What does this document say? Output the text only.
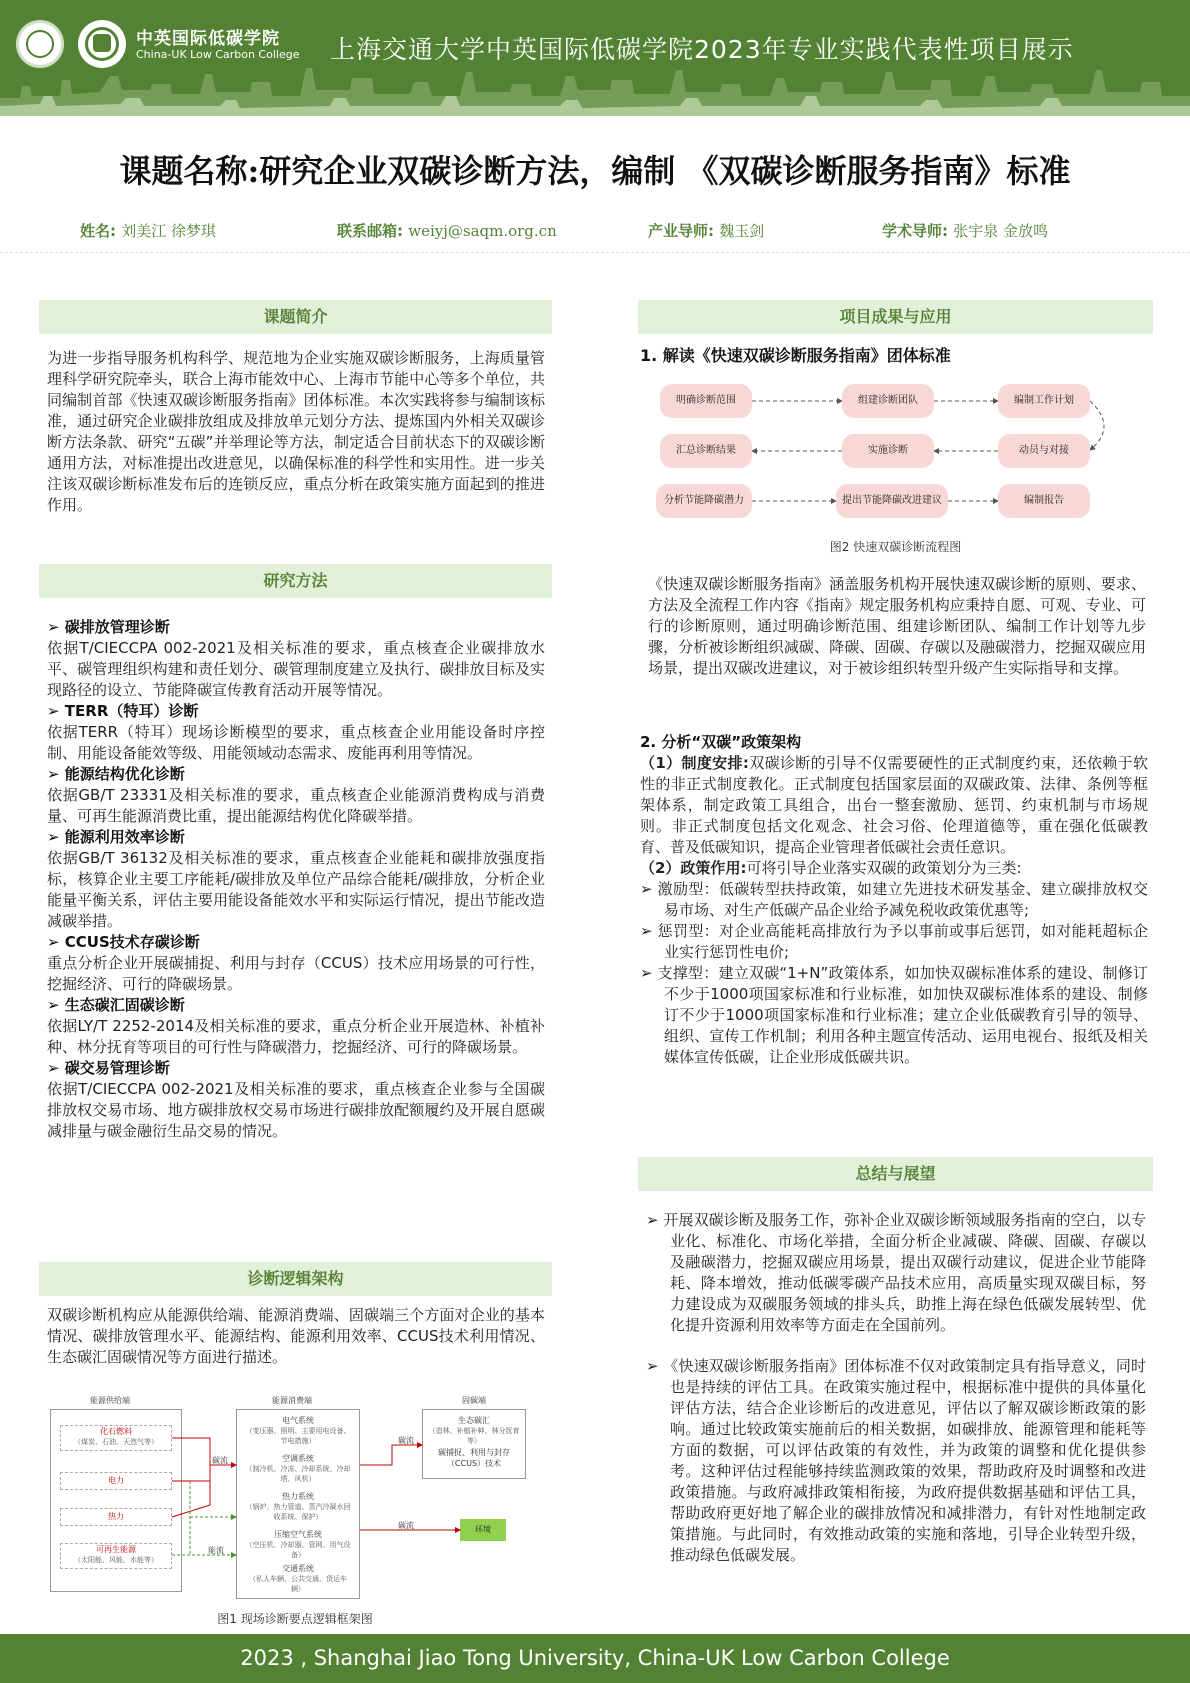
中英国际低碳学院
China-UK Low Carbon College 上海交通大学中英国际低碳学院2023年专业实践代表性项目展示
课题名称:研究企业双碳诊断方法，编制 《双碳诊断服务指南》标准
姓名: 刘美江 徐梦琪	联系邮箱: weiyj@saqm.org.cn	产业导师: 魏玉剑	学术导师: 张宇泉 金放鸣
课题简介
为进一步指导服务机构科学、规范地为企业实施双碳诊断服务，上海质量管理科学研究院牵头，联合上海市能效中心、上海市节能中心等多个单位，共同编制首部《快速双碳诊断服务指南》团体标准。本次实践将参与编制该标准，通过研究企业碳排放组成及排放单元划分方法、提炼国内外相关双碳诊断方法条款、研究“五碳”并举理论等方法，制定适合目前状态下的双碳诊断通用方法，对标准提出改进意见，以确保标准的科学性和实用性。进一步关注该双碳诊断标准发布后的连锁反应，重点分析在政策实施方面起到的推进作用。
研究方法
➢ 碳排放管理诊断
依据T/CIECCPA 002-2021及相关标准的要求，重点核查企业碳排放水平、碳管理组织构建和责任划分、碳管理制度建立及执行、碳排放目标及实现路径的设立、节能降碳宣传教育活动开展等情况。
➢ TERR（特耳）诊断
依据TERR（特耳）现场诊断模型的要求，重点核查企业用能设备时序控制、用能设备能效等级、用能领域动态需求、废能再利用等情况。
➢ 能源结构优化诊断
依据GB/T 23331及相关标准的要求，重点核查企业能源消费构成与消费量、可再生能源消费比重，提出能源结构优化降碳举措。
➢ 能源利用效率诊断
依据GB/T 36132及相关标准的要求，重点核查企业能耗和碳排放强度指标，核算企业主要工序能耗/碳排放及单位产品综合能耗/碳排放，分析企业能量平衡关系，评估主要用能设备能效水平和实际运行情况，提出节能改造减碳举措。
➢ CCUS技术存碳诊断
重点分析企业开展碳捕捉、利用与封存（CCUS）技术应用场景的可行性，挖掘经济、可行的降碳场景。
➢ 生态碳汇固碳诊断
依据LY/T 2252-2014及相关标准的要求，重点分析企业开展造林、补植补种、林分抚育等项目的可行性与降碳潜力，挖掘经济、可行的降碳场景。
➢ 碳交易管理诊断
依据T/CIECCPA 002-2021及相关标准的要求，重点核查企业参与全国碳排放权交易市场、地方碳排放权交易市场进行碳排放配额履约及开展自愿碳减排量与碳金融衍生品交易的情况。
诊断逻辑架构
双碳诊断机构应从能源供给端、能源消费端、固碳端三个方面对企业的基本情况、碳排放管理水平、能源结构、能源利用效率、CCUS技术利用情况、生态碳汇固碳情况等方面进行描述。
能源供给端	能源消费端	固碳端
化石燃料
（煤炭、石油、天然气等）
电力
热力
可再生能源
（太阳能、风能、水能等）
电气系统
（变压器、照明、主要用电设备、节电措施）
空调系统
（制冷机、冷冻、冷却系统、冷却塔、风机）
热力系统
（锅炉、热力管道、蒸汽冷凝水回收系统、保护）
压缩空气系统
（空压机、冷却器、管网、用气设备）
交通系统
（私人车辆、公共交通、货运车辆）
生态碳汇
（造林、补植补种、林分抚育等）
碳捕捉、利用与封存（CCUS）技术
环境
碳流
碳流
能流
碳流
图1 现场诊断要点逻辑框架图
项目成果与应用
1. 解读《快速双碳诊断服务指南》团体标准
明确诊断范围	组建诊断团队	编制工作计划
动员与对接
实施诊断
汇总诊断结果
分析节能降碳潜力	提出节能降碳改进建议	编制报告
图2 快速双碳诊断流程图
《快速双碳诊断服务指南》涵盖服务机构开展快速双碳诊断的原则、要求、方法及全流程工作内容《指南》规定服务机构应秉持自愿、可观、专业、可行的诊断原则，通过明确诊断范围、组建诊断团队、编制工作计划等九步骤，分析被诊断组织减碳、降碳、固碳、存碳以及融碳潜力，挖掘双碳应用场景，提出双碳改进建议，对于被诊组织转型升级产生实际指导和支撑。
2. 分析“双碳”政策架构
（1）制度安排:双碳诊断的引导不仅需要硬性的正式制度约束，还依赖于软性的非正式制度教化。正式制度包括国家层面的双碳政策、法律、条例等框架体系，制定政策工具组合，出台一整套激励、惩罚、约束机制与市场规则。非正式制度包括文化观念、社会习俗、伦理道德等，重在强化低碳教育、普及低碳知识，提高企业管理者低碳社会责任意识。
（2）政策作用:可将引导企业落实双碳的政策划分为三类:
➢ 激励型：低碳转型扶持政策，如建立先进技术研发基金、建立碳排放权交易市场、对生产低碳产品企业给予减免税收政策优惠等;
➢ 惩罚型：对企业高能耗高排放行为予以事前或事后惩罚，如对能耗超标企业实行惩罚性电价;
➢ 支撑型：建立双碳“1+N”政策体系，如加快双碳标准体系的建设、制修订不少于1000项国家标准和行业标准，如加快双碳标准体系的建设、制修订不少于1000项国家标准和行业标准；建立企业低碳教育引导的领导、组织、宣传工作机制；利用各种主题宣传活动、运用电视台、报纸及相关媒体宣传低碳，让企业形成低碳共识。
总结与展望
➢ 开展双碳诊断及服务工作，弥补企业双碳诊断领域服务指南的空白，以专业化、标准化、市场化举措，全面分析企业减碳、降碳、固碳、存碳以及融碳潜力，挖掘双碳应用场景，提出双碳行动建议，促进企业节能降耗、降本增效，推动低碳零碳产品技术应用，高质量实现双碳目标，努力建设成为双碳服务领域的排头兵，助推上海在绿色低碳发展转型、优化提升资源利用效率等方面走在全国前列。
➢ 《快速双碳诊断服务指南》团体标准不仅对政策制定具有指导意义，同时也是持续的评估工具。在政策实施过程中，根据标准中提供的具体量化评估方法，结合企业诊断后的改进意见，评估以了解双碳诊断政策的影响。通过比较政策实施前后的相关数据，如碳排放、能源管理和能耗等方面的数据，可以评估政策的有效性，并为政策的调整和优化提供参考。这种评估过程能够持续监测政策的效果，帮助政府及时调整和改进政策措施。与政府减排政策相衔接，为政府提供数据基础和评估工具，帮助政府更好地了解企业的碳排放情况和减排潜力，有针对性地制定政策措施。与此同时，有效推动政策的实施和落地，引导企业转型升级，推动绿色低碳发展。
2023 , Shanghai Jiao Tong University, China-UK Low Carbon College
